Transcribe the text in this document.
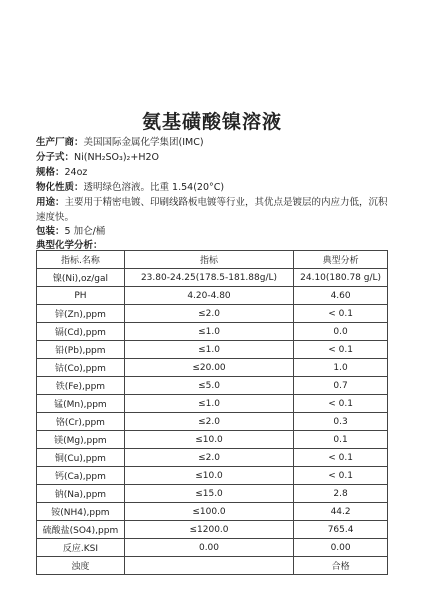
氨基磺酸镍溶液
生产厂商：美国国际金属化学集团(IMC)
分子式：Ni(NH₂SO₃)₂+H2O
规格：24oz
物化性质：透明绿色溶液。比重 1.54(20°C)
用途：主要用于精密电镀、印刷线路板电镀等行业，其优点是镀层的内应力低，沉积速度快。
包装：5 加仑/桶
典型化学分析：
指标.名称	指标	典型分析
镍(Ni),oz/gal	23.80-24.25(178.5-181.88g/L)	24.10(180.78 g/L)
PH	4.20-4.80	4.60
锌(Zn),ppm	≤2.0	< 0.1
镉(Cd),ppm	≤1.0	0.0
铅(Pb),ppm	≤1.0	< 0.1
钴(Co),ppm	≤20.00	1.0
铁(Fe),ppm	≤5.0	0.7
锰(Mn),ppm	≤1.0	< 0.1
铬(Cr),ppm	≤2.0	0.3
镁(Mg),ppm	≤10.0	0.1
铜(Cu),ppm	≤2.0	< 0.1
钙(Ca),ppm	≤10.0	< 0.1
钠(Na),ppm	≤15.0	2.8
铵(NH4),ppm	≤100.0	44.2
硫酸盐(SO4),ppm	≤1200.0	765.4
反应.KSI	0.00	0.00
浊度		合格
